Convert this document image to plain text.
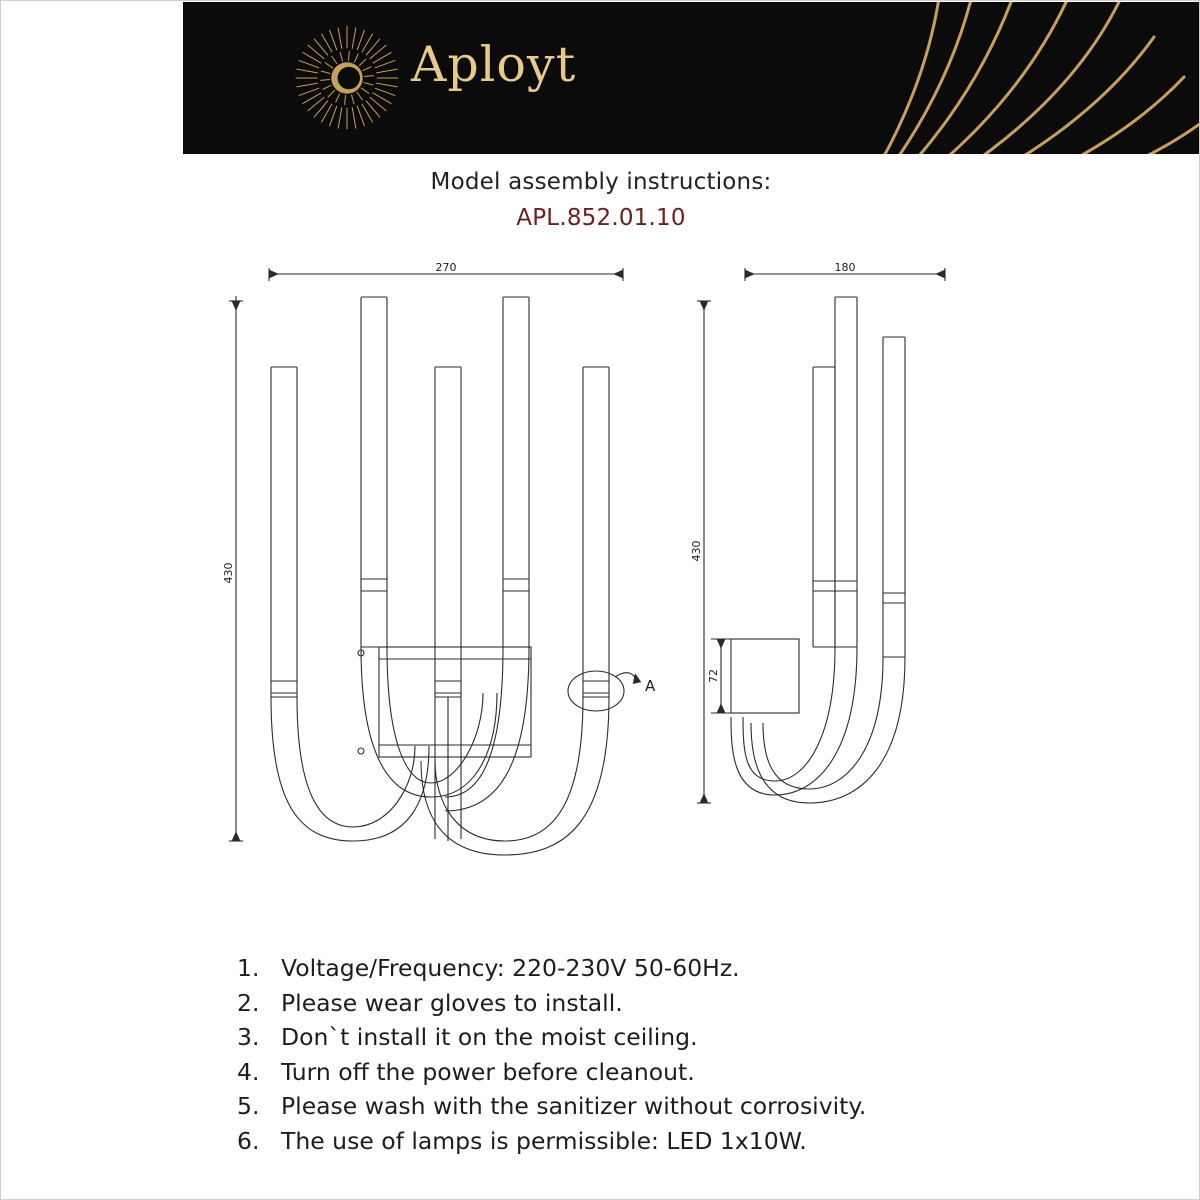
Aployt
Model assembly instructions:
APL.852.01.10
270	180
430
430
72
A
1. Voltage/Frequency: 220-230V 50-60Hz.
2. Please wear gloves to install.
3. Don`t install it on the moist ceiling.
4. Turn off the power before cleanout.
5. Please wash with the sanitizer without corrosivity.
6. The use of lamps is permissible: LED 1x10W.
